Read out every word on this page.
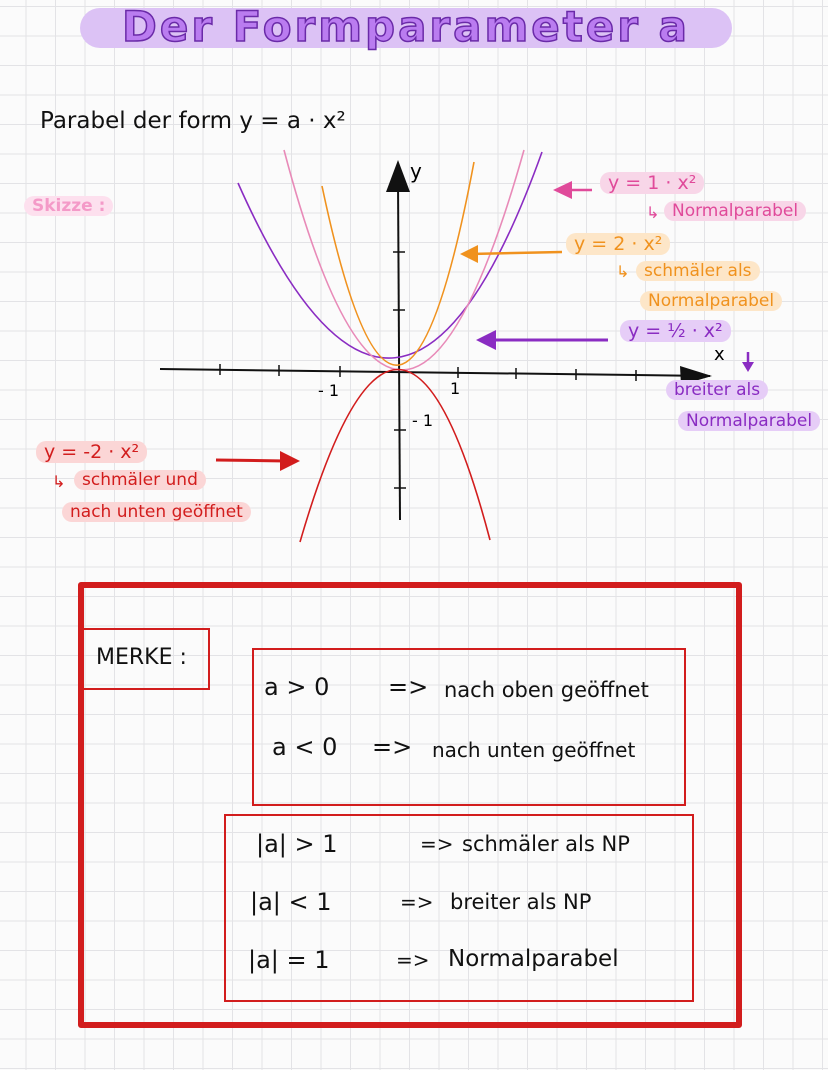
Der Formparameter a
Parabel der form y = a · x²
Skizze :
y
x
- 1	1
- 1
y = 1 · x²
↳ Normalparabel
y = 2 · x²
↳ schmäler als
Normalparabel
y = ½ · x²
breiter als
Normalparabel
y = -2 · x²
↳ schmäler und
nach unten geöffnet
MERKE :
a > 0 => nach oben geöffnet
a < 0 => nach unten geöffnet
|a| > 1	=> schmäler als NP
|a| < 1	=> breiter als NP
|a| = 1	=> Normalparabel
